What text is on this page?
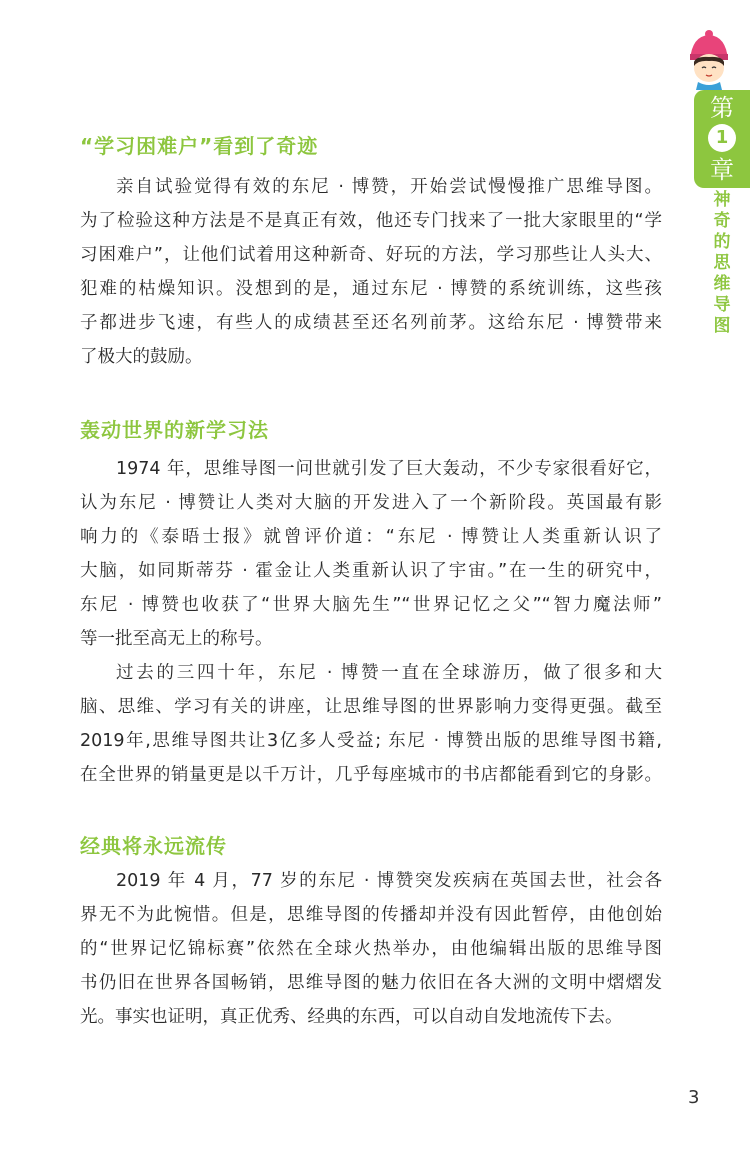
第
1
章
神
奇
的
思
维
导
图
“学习困难户”看到了奇迹
亲自试验觉得有效的东尼 · 博赞，开始尝试慢慢推广思维导图。
为了检验这种方法是不是真正有效，他还专门找来了一批大家眼里的“学
习困难户”，让他们试着用这种新奇、好玩的方法，学习那些让人头大、
犯难的枯燥知识。没想到的是，通过东尼 · 博赞的系统训练，这些孩
子都进步飞速，有些人的成绩甚至还名列前茅。这给东尼 · 博赞带来
了极大的鼓励。
轰动世界的新学习法
1974 年，思维导图一问世就引发了巨大轰动，不少专家很看好它，
认为东尼 · 博赞让人类对大脑的开发进入了一个新阶段。英国最有影
响力的《泰晤士报》就曾评价道：“东尼 · 博赞让人类重新认识了
大脑，如同斯蒂芬 · 霍金让人类重新认识了宇宙。”在一生的研究中，
东尼 · 博赞也收获了“世界大脑先生”“世界记忆之父”“智力魔法师”
等一批至高无上的称号。
过去的三四十年，东尼 · 博赞一直在全球游历，做了很多和大
脑、思维、学习有关的讲座，让思维导图的世界影响力变得更强。截至
2019年,思维导图共让3亿多人受益; 东尼 · 博赞出版的思维导图书籍,
在全世界的销量更是以千万计，几乎每座城市的书店都能看到它的身影。
经典将永远流传
2019 年 4 月，77 岁的东尼 · 博赞突发疾病在英国去世，社会各
界无不为此惋惜。但是，思维导图的传播却并没有因此暂停，由他创始
的“世界记忆锦标赛”依然在全球火热举办，由他编辑出版的思维导图
书仍旧在世界各国畅销，思维导图的魅力依旧在各大洲的文明中熠熠发
光。事实也证明，真正优秀、经典的东西，可以自动自发地流传下去。
3
